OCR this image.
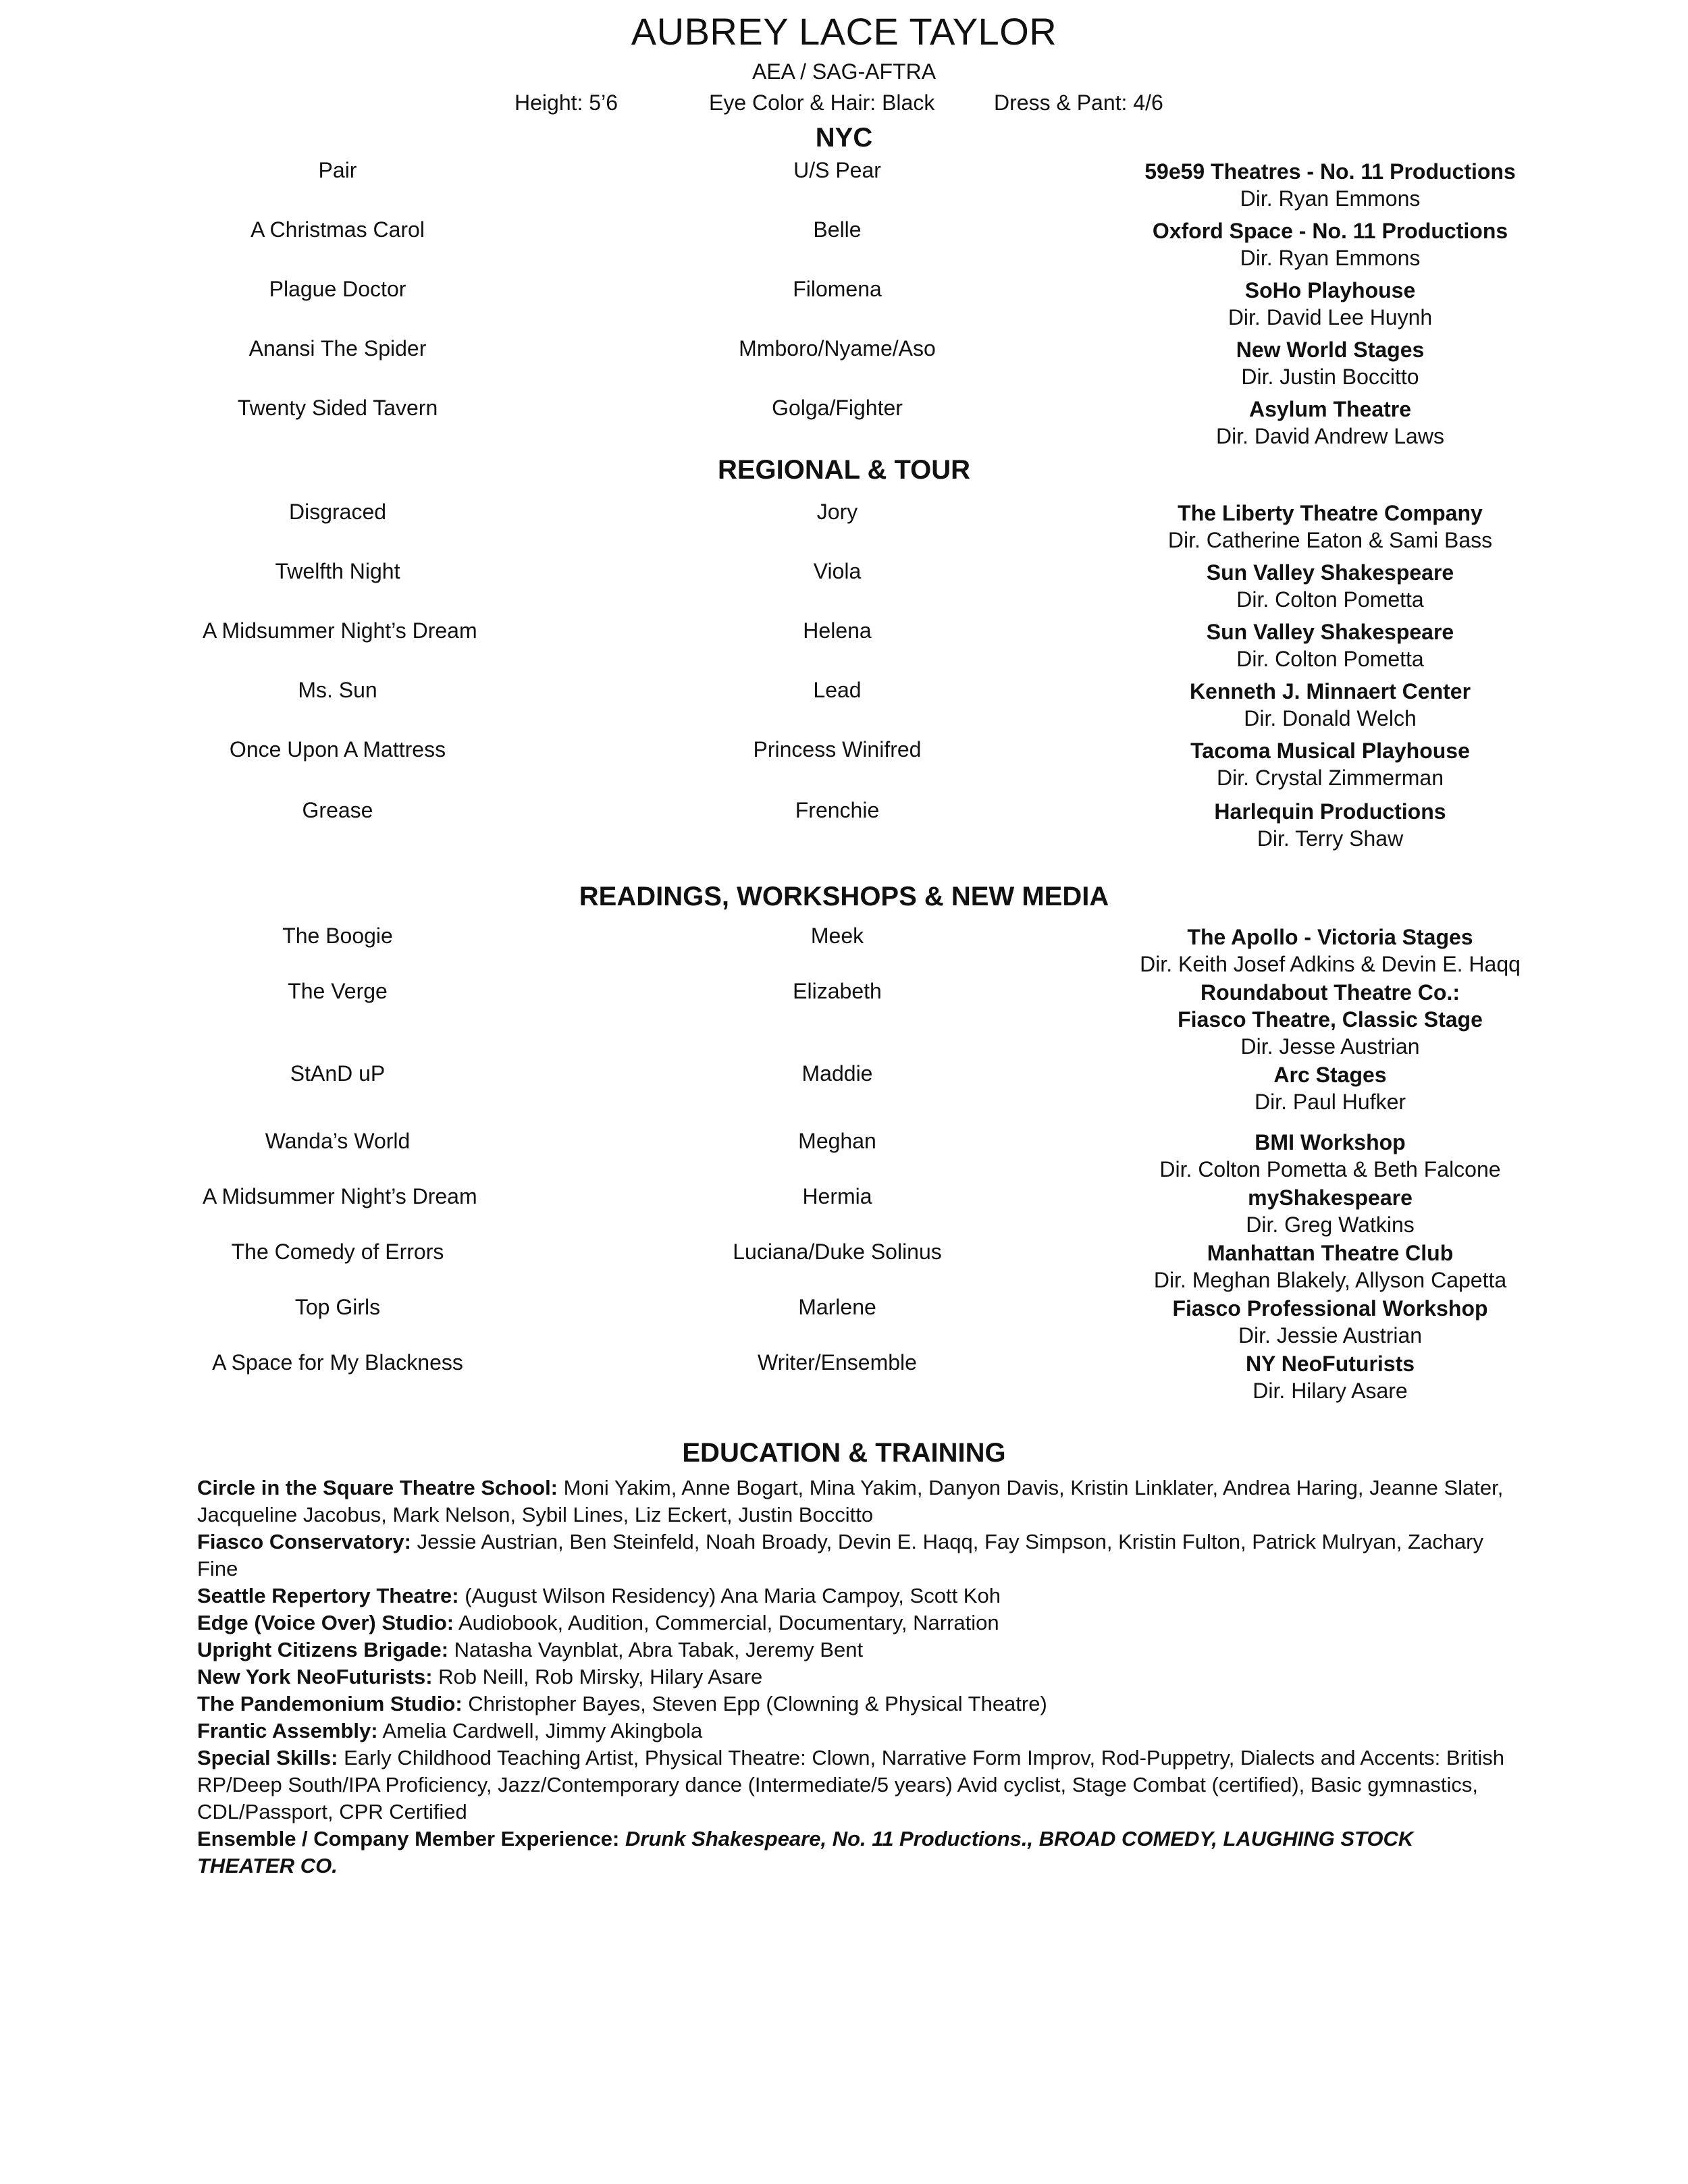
AUBREY LACE TAYLOR
AEA / SAG-AFTRA
Height: 5’6	Eye Color & Hair: Black	Dress & Pant: 4/6
NYC
Pair	U/S Pear	59e59 Theatres - No. 11 Productions
Dir. Ryan Emmons
A Christmas Carol	Belle	Oxford Space - No. 11 Productions
Dir. Ryan Emmons
Plague Doctor	Filomena	SoHo Playhouse
Dir. David Lee Huynh
Anansi The Spider	Mmboro/Nyame/Aso	New World Stages
Dir. Justin Boccitto
Twenty Sided Tavern	Golga/Fighter	Asylum Theatre
Dir. David Andrew Laws
REGIONAL & TOUR
Disgraced	Jory	The Liberty Theatre Company
Dir. Catherine Eaton & Sami Bass
Twelfth Night	Viola	Sun Valley Shakespeare
Dir. Colton Pometta
A Midsummer Night’s Dream	Helena	Sun Valley Shakespeare
Dir. Colton Pometta
Ms. Sun	Lead	Kenneth J. Minnaert Center
Dir. Donald Welch
Once Upon A Mattress	Princess Winifred	Tacoma Musical Playhouse
Dir. Crystal Zimmerman
Grease	Frenchie	Harlequin Productions
Dir. Terry Shaw
READINGS, WORKSHOPS & NEW MEDIA
The Boogie	Meek	The Apollo - Victoria Stages
Dir. Keith Josef Adkins & Devin E. Haqq
The Verge	Elizabeth	Roundabout Theatre Co.:
Fiasco Theatre, Classic Stage
Dir. Jesse Austrian
StAnD uP	Maddie	Arc Stages
Dir. Paul Hufker
Wanda’s World	Meghan	BMI Workshop
Dir. Colton Pometta & Beth Falcone
A Midsummer Night’s Dream	Hermia	myShakespeare
Dir. Greg Watkins
The Comedy of Errors	Luciana/Duke Solinus	Manhattan Theatre Club
Dir. Meghan Blakely, Allyson Capetta
Top Girls	Marlene	Fiasco Professional Workshop
Dir. Jessie Austrian
A Space for My Blackness	Writer/Ensemble	NY NeoFuturists
Dir. Hilary Asare
EDUCATION & TRAINING

Circle in the Square Theatre School: Moni Yakim, Anne Bogart, Mina Yakim, Danyon Davis, Kristin Linklater, Andrea Haring, Jeanne Slater, Jacqueline Jacobus, Mark Nelson, Sybil Lines, Liz Eckert, Justin Boccitto

Fiasco Conservatory: Jessie Austrian, Ben Steinfeld, Noah Broady, Devin E. Haqq, Fay Simpson, Kristin Fulton, Patrick Mulryan, Zachary Fine

Seattle Repertory Theatre: (August Wilson Residency) Ana Maria Campoy, Scott Koh

Edge (Voice Over) Studio: Audiobook, Audition, Commercial, Documentary, Narration

Upright Citizens Brigade: Natasha Vaynblat, Abra Tabak, Jeremy Bent

New York NeoFuturists: Rob Neill, Rob Mirsky, Hilary Asare

The Pandemonium Studio: Christopher Bayes, Steven Epp (Clowning & Physical Theatre)

Frantic Assembly: Amelia Cardwell, Jimmy Akingbola

Special Skills: Early Childhood Teaching Artist, Physical Theatre: Clown, Narrative Form Improv, Rod-Puppetry, Dialects and Accents: British RP/Deep South/IPA Proficiency, Jazz/Contemporary dance (Intermediate/5 years) Avid cyclist, Stage Combat (certified), Basic gymnastics, CDL/Passport, CPR Certified

Ensemble / Company Member Experience: Drunk Shakespeare, No. 11 Productions., BROAD COMEDY, LAUGHING STOCK THEATER CO.
